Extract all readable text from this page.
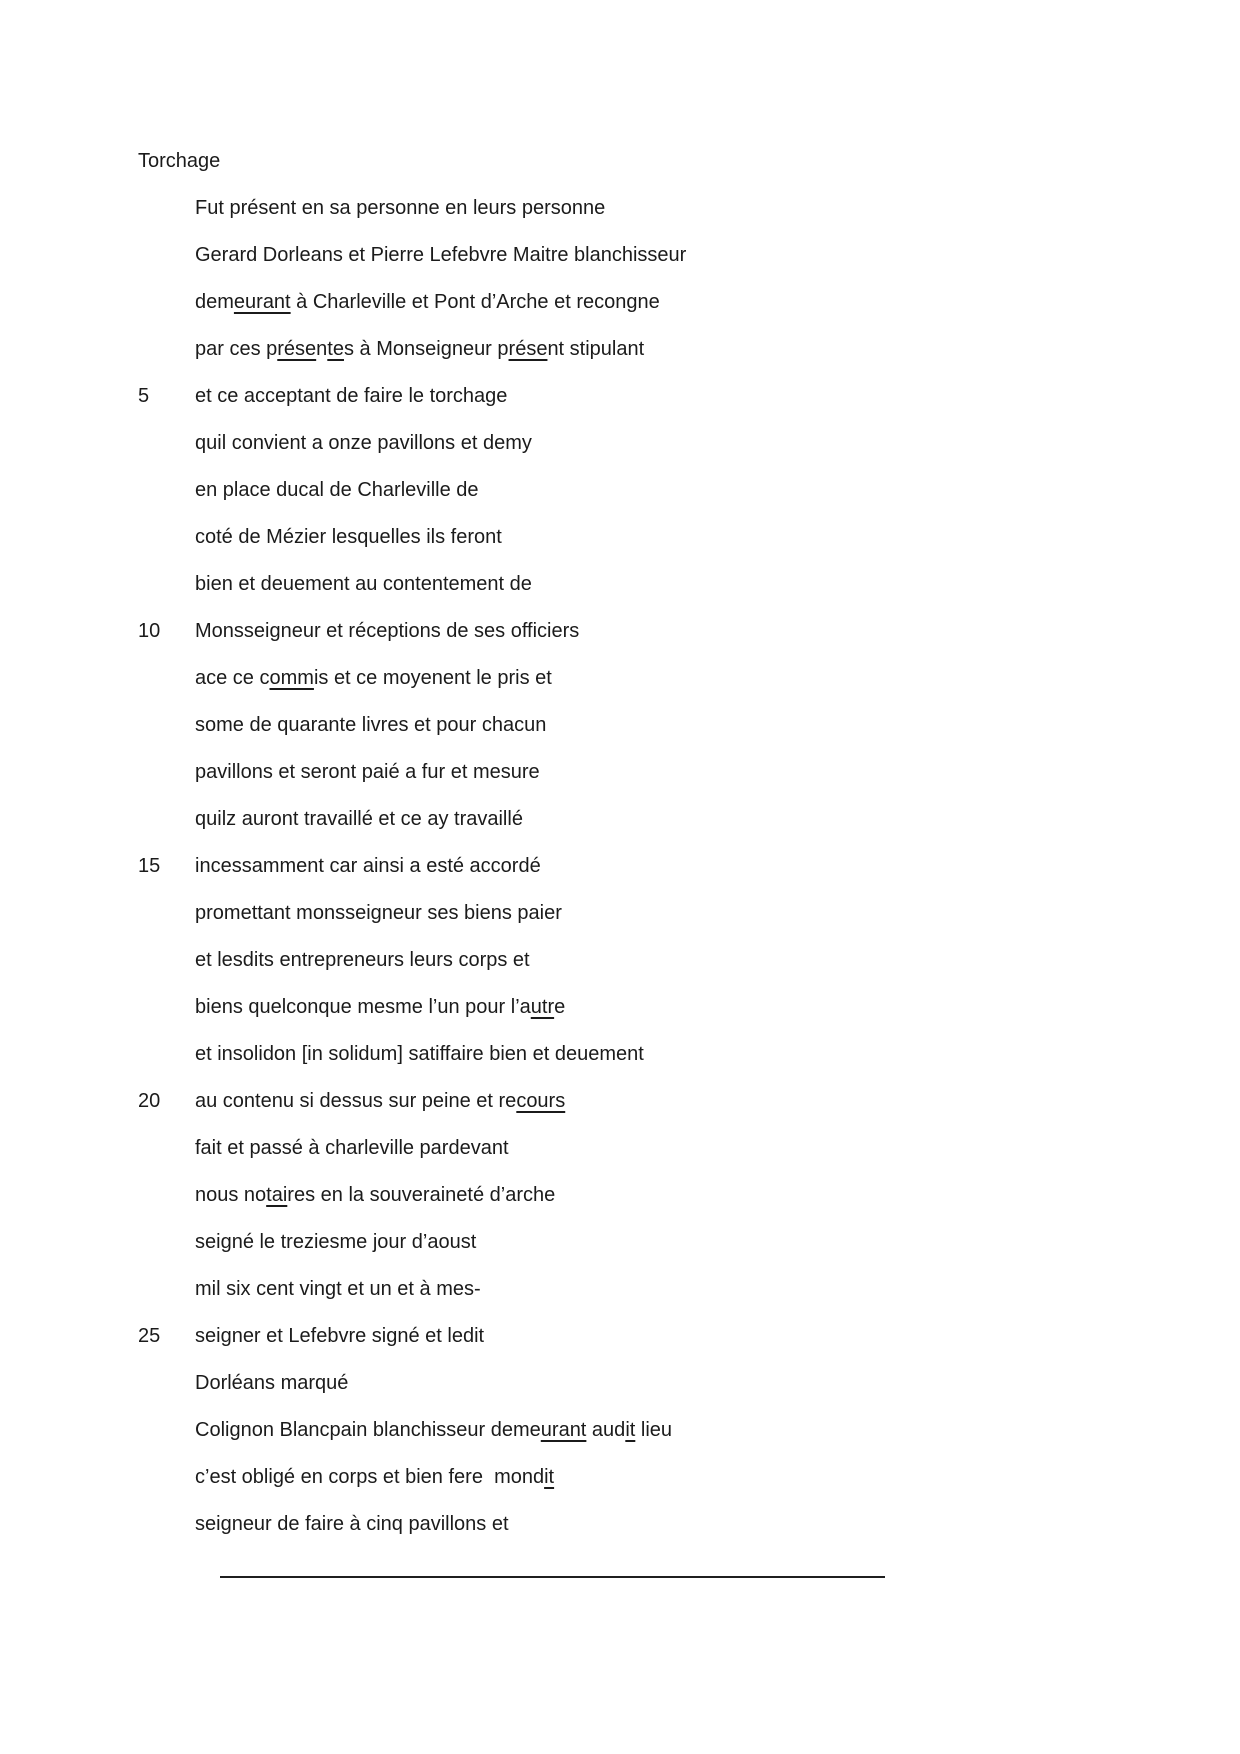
Torchage
Fut présent en sa personne en leurs personne
Gerard Dorleans et Pierre Lefebvre Maitre blanchisseur
demeurant à Charleville et Pont d’Arche et recongne
par ces présentes à Monseigneur présent stipulant
5	et ce acceptant de faire le torchage
quil convient a onze pavillons et demy
en place ducal de Charleville de
coté de Mézier lesquelles ils feront
bien et deuement au contentement de
10	Monsseigneur et réceptions de ses officiers
ace ce commis et ce moyenent le pris et
some de quarante livres et pour chacun
pavillons et seront paié a fur et mesure
quilz auront travaillé et ce ay travaillé
15	incessamment car ainsi a esté accordé
promettant monsseigneur ses biens paier
et lesdits entrepreneurs leurs corps et
biens quelconque mesme l’un pour l’autre
et insolidon [in solidum] satiffaire bien et deuement
20	au contenu si dessus sur peine et recours
fait et passé à charleville pardevant
nous notaires en la souveraineté d’arche
seigné le treziesme jour d’aoust
mil six cent vingt et un et à mes-
25	seigner et Lefebvre signé et ledit
Dorléans marqué
Colignon Blancpain blanchisseur demeurant audit lieu
c’est obligé en corps et bien fere  mondit
seigneur de faire à cinq pavillons et
